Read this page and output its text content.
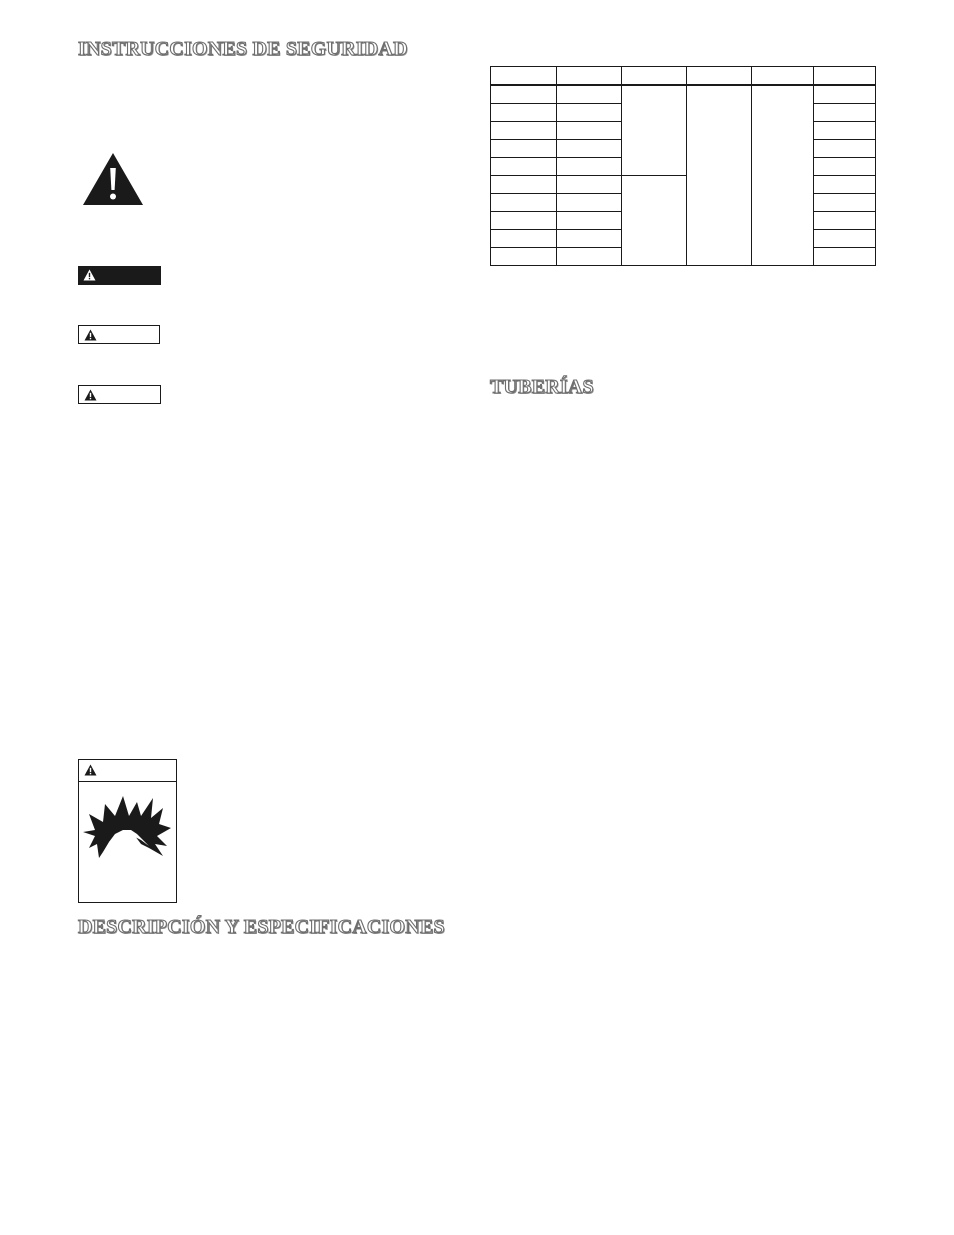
INSTRUCCIONES DE SEGURIDAD
DESCRIPCIÓN Y ESPECIFICACIONES

TUBERÍAS
